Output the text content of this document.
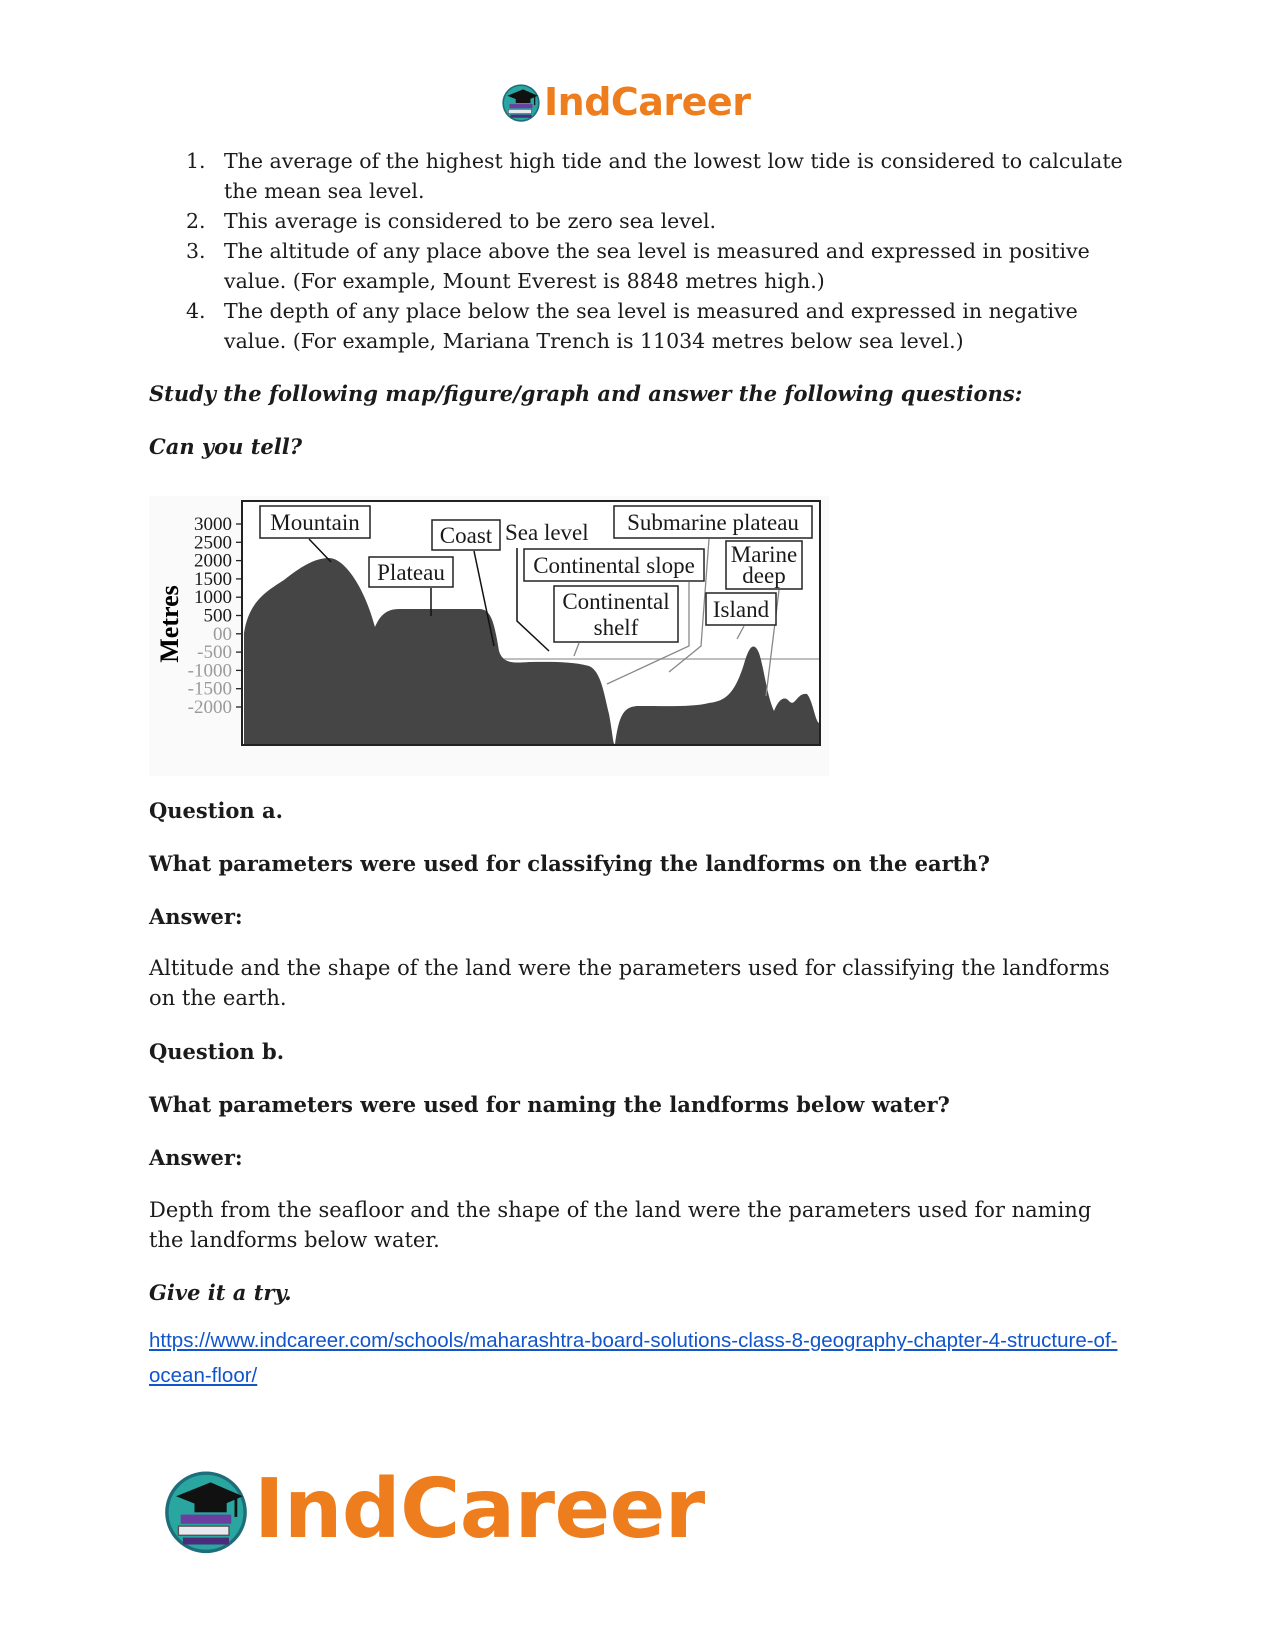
IndCareer
1. The average of the highest high tide and the lowest low tide is considered to calculate the mean sea level.
2. This average is considered to be zero sea level.
3. The altitude of any place above the sea level is measured and expressed in positive value. (For example, Mount Everest is 8848 metres high.)
4. The depth of any place below the sea level is measured and expressed in negative value. (For example, Mariana Trench is 11034 metres below sea level.)

Study the following map/figure/graph and answer the following questions:

Can you tell?

3000
2500
2000
1500
1000
500
00
-500
-1000
-1500
-2000
Metres
Mountain
Plateau
Coast Sea level Submarine plateau
Continental slope Marine
deep
Continental
shelf
Island

Question a.

What parameters were used for classifying the landforms on the earth?

Answer:

Altitude and the shape of the land were the parameters used for classifying the landforms on the earth.

Question b.

What parameters were used for naming the landforms below water?

Answer:

Depth from the seafloor and the shape of the land were the parameters used for naming the landforms below water.

Give it a try.

https://www.indcareer.com/schools/maharashtra-board-solutions-class-8-geography-chapter-4-structure-of-ocean-floor/
IndCareer
